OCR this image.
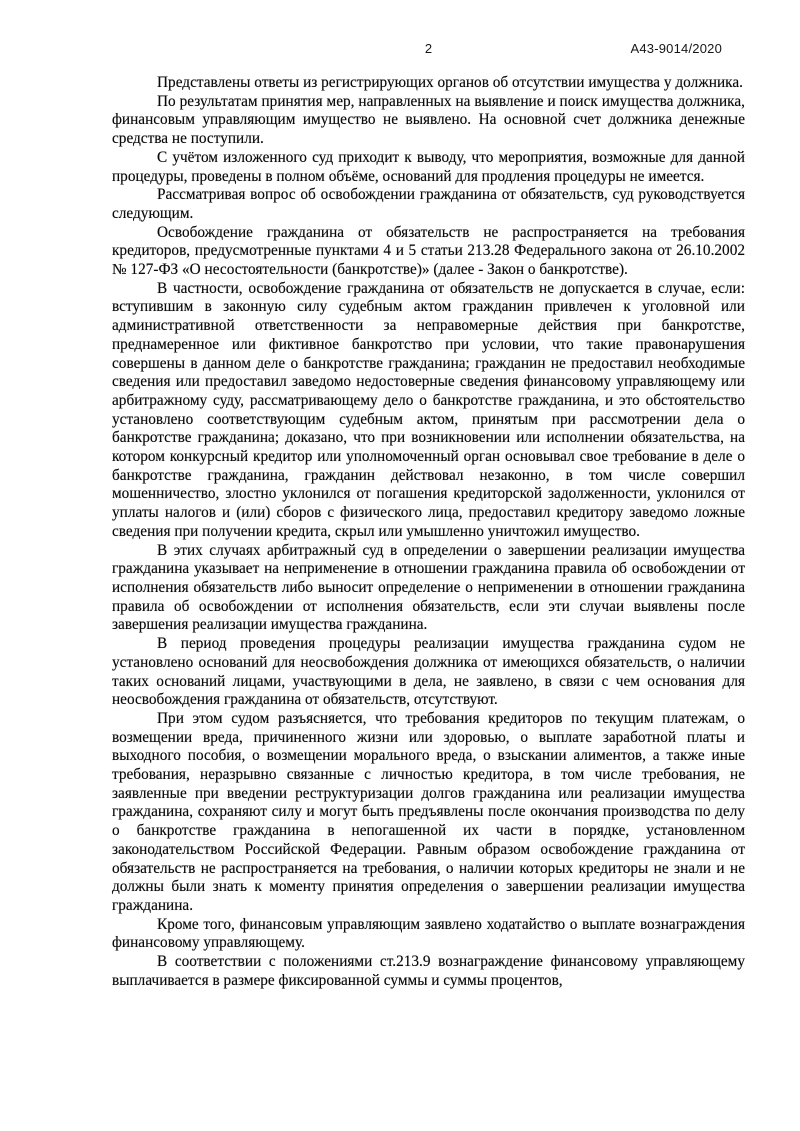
2	А43-9014/2020

Представлены ответы из регистрирующих органов об отсутствии имущества у должника.

По результатам принятия мер, направленных на выявление и поиск имущества должника, финансовым управляющим имущество не выявлено. На основной счет должника денежные средства не поступили.

С учётом изложенного суд приходит к выводу, что мероприятия, возможные для данной процедуры, проведены в полном объёме, оснований для продления процедуры не имеется.

Рассматривая вопрос об освобождении гражданина от обязательств, суд руководствуется следующим.

Освобождение гражданина от обязательств не распространяется на требования кредиторов, предусмотренные пунктами 4 и 5 статьи 213.28 Федерального закона от 26.10.2002 № 127-ФЗ «О несостоятельности (банкротстве)» (далее - Закон о банкротстве).

В частности, освобождение гражданина от обязательств не допускается в случае, если: вступившим в законную силу судебным актом гражданин привлечен к уголовной или административной ответственности за неправомерные действия при банкротстве, преднамеренное или фиктивное банкротство при условии, что такие правонарушения совершены в данном деле о банкротстве гражданина; гражданин не предоставил необходимые сведения или предоставил заведомо недостоверные сведения финансовому управляющему или арбитражному суду, рассматривающему дело о банкротстве гражданина, и это обстоятельство установлено соответствующим судебным актом, принятым при рассмотрении дела о банкротстве гражданина; доказано, что при возникновении или исполнении обязательства, на котором конкурсный кредитор или уполномоченный орган основывал свое требование в деле о банкротстве гражданина, гражданин действовал незаконно, в том числе совершил мошенничество, злостно уклонился от погашения кредиторской задолженности, уклонился от уплаты налогов и (или) сборов с физического лица, предоставил кредитору заведомо ложные сведения при получении кредита, скрыл или умышленно уничтожил имущество.

В этих случаях арбитражный суд в определении о завершении реализации имущества гражданина указывает на неприменение в отношении гражданина правила об освобождении от исполнения обязательств либо выносит определение о неприменении в отношении гражданина правила об освобождении от исполнения обязательств, если эти случаи выявлены после завершения реализации имущества гражданина.

В период проведения процедуры реализации имущества гражданина судом не установлено оснований для неосвобождения должника от имеющихся обязательств, о наличии таких оснований лицами, участвующими в дела, не заявлено, в связи с чем основания для неосвобождения гражданина от обязательств, отсутствуют.

При этом судом разъясняется, что требования кредиторов по текущим платежам, о возмещении вреда, причиненного жизни или здоровью, о выплате заработной платы и выходного пособия, о возмещении морального вреда, о взыскании алиментов, а также иные требования, неразрывно связанные с личностью кредитора, в том числе требования, не заявленные при введении реструктуризации долгов гражданина или реализации имущества гражданина, сохраняют силу и могут быть предъявлены после окончания производства по делу о банкротстве гражданина в непогашенной их части в порядке, установленном законодательством Российской Федерации. Равным образом освобождение гражданина от обязательств не распространяется на требования, о наличии которых кредиторы не знали и не должны были знать к моменту принятия определения о завершении реализации имущества гражданина.

Кроме того, финансовым управляющим заявлено ходатайство о выплате вознаграждения финансовому управляющему.

В соответствии с положениями ст.213.9 вознаграждение финансовому управляющему выплачивается в размере фиксированной суммы и суммы процентов,
